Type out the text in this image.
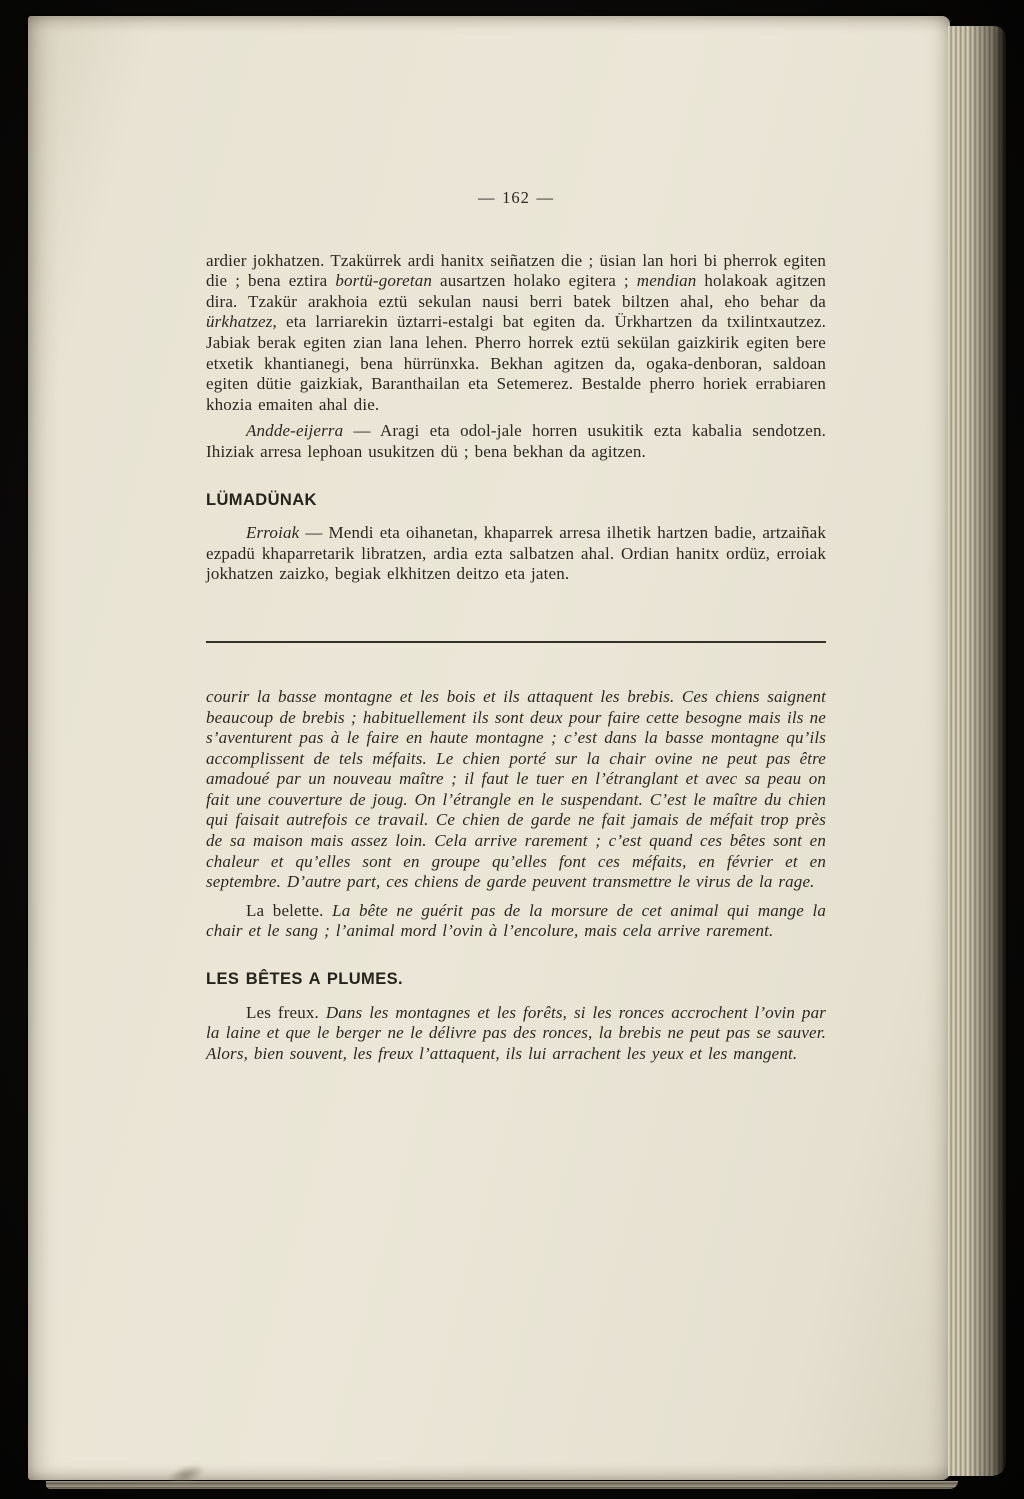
— 162 —

ardier jokhatzen. Tzakürrek ardi hanitx seiñatzen die ; üsian lan hori bi pherrok egiten die ; bena eztira bortü-goretan ausartzen holako egitera ; mendian holakoak agitzen dira. Tzakür arakhoia eztü sekulan nausi berri batek biltzen ahal, eho behar da ürkhatzez, eta larriarekin üztarri-estalgi bat egiten da. Ürkhartzen da txilintxautzez. Jabiak berak egiten zian lana lehen. Pherro horrek eztü sekülan gaizkirik egiten bere etxetik khantianegi, bena hürrünxka. Bekhan agitzen da, ogaka-denboran, saldoan egiten dütie gaizkiak, Baranthailan eta Setemerez. Bestalde pherro horiek errabiaren khozia emaiten ahal die.

Andde-eijerra — Aragi eta odol-jale horren usukitik ezta kabalia sendotzen. Ihiziak arresa lephoan usukitzen dü ; bena bekhan da agitzen.

LÜMADÜNAK

Erroiak — Mendi eta oihanetan, khaparrek arresa ilhetik hartzen badie, artzaiñak ezpadü khaparretarik libratzen, ardia ezta salbatzen ahal. Ordian hanitx ordüz, erroiak jokhatzen zaizko, begiak elkhitzen deitzo eta jaten.

courir la basse montagne et les bois et ils attaquent les brebis. Ces chiens saignent beaucoup de brebis ; habituellement ils sont deux pour faire cette besogne mais ils ne s’aventurent pas à le faire en haute montagne ; c’est dans la basse montagne qu’ils accomplissent de tels méfaits. Le chien porté sur la chair ovine ne peut pas être amadoué par un nouveau maître ; il faut le tuer en l’étranglant et avec sa peau on fait une couverture de joug. On l’étrangle en le suspendant. C’est le maître du chien qui faisait autrefois ce travail. Ce chien de garde ne fait jamais de méfait trop près de sa maison mais assez loin. Cela arrive rarement ; c’est quand ces bêtes sont en chaleur et qu’elles sont en groupe qu’elles font ces méfaits, en février et en septembre. D’autre part, ces chiens de garde peuvent transmettre le virus de la rage.

La belette. La bête ne guérit pas de la morsure de cet animal qui mange la chair et le sang ; l’animal mord l’ovin à l’encolure, mais cela arrive rarement.

LES BÊTES A PLUMES.

Les freux. Dans les montagnes et les forêts, si les ronces accrochent l’ovin par la laine et que le berger ne le délivre pas des ronces, la brebis ne peut pas se sauver. Alors, bien souvent, les freux l’attaquent, ils lui arrachent les yeux et les mangent.
